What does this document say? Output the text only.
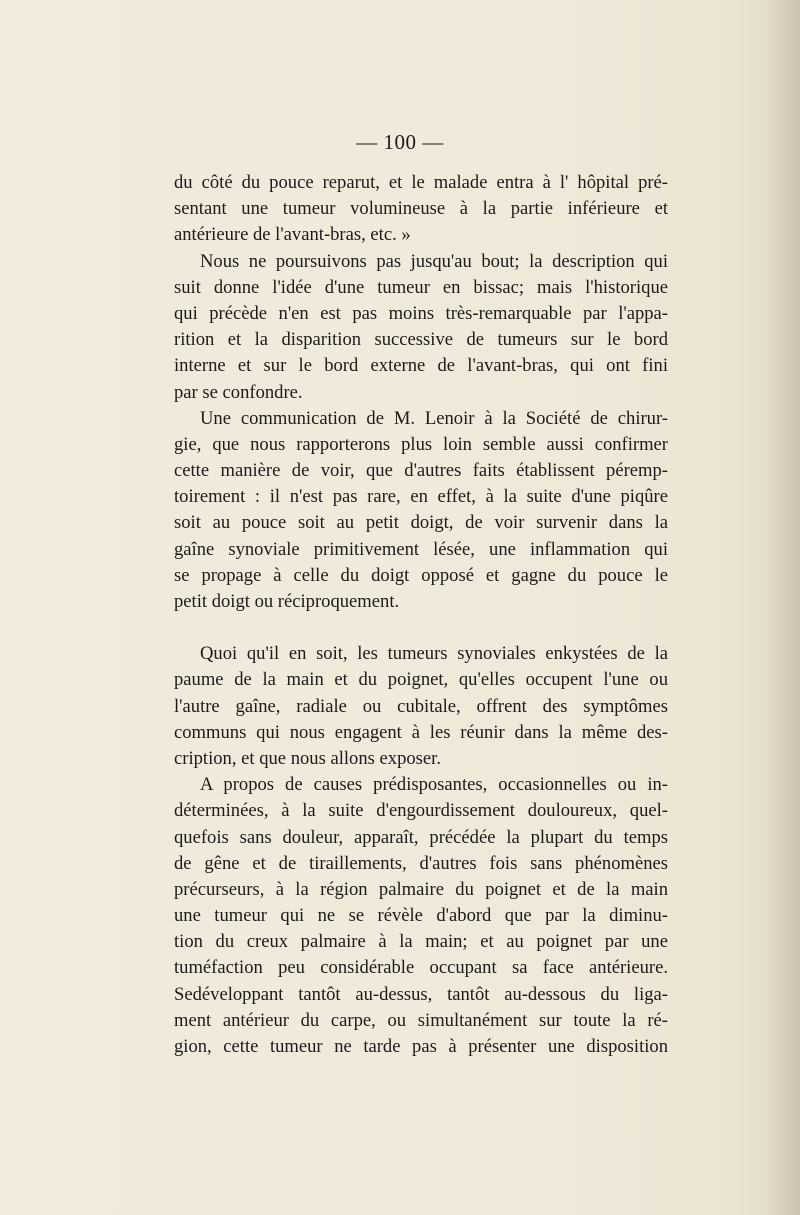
— 100 —
du côté du pouce reparut, et le malade entra à l' hôpital pré-
sentant une tumeur volumineuse à la partie inférieure et
antérieure de l'avant-bras, etc. »
Nous ne poursuivons pas jusqu'au bout; la description qui
suit donne l'idée d'une tumeur en bissac; mais l'historique
qui précède n'en est pas moins très-remarquable par l'appa-
rition et la disparition successive de tumeurs sur le bord
interne et sur le bord externe de l'avant-bras, qui ont fini
par se confondre.
Une communication de M. Lenoir à la Société de chirur-
gie, que nous rapporterons plus loin semble aussi confirmer
cette manière de voir, que d'autres faits établissent péremp-
toirement : il n'est pas rare, en effet, à la suite d'une piqûre
soit au pouce soit au petit doigt, de voir survenir dans la
gaîne synoviale primitivement lésée, une inflammation qui
se propage à celle du doigt opposé et gagne du pouce le
petit doigt ou réciproquement.
Quoi qu'il en soit, les tumeurs synoviales enkystées de la
paume de la main et du poignet, qu'elles occupent l'une ou
l'autre gaîne, radiale ou cubitale, offrent des symptômes
communs qui nous engagent à les réunir dans la même des-
cription, et que nous allons exposer.
A propos de causes prédisposantes, occasionnelles ou in-
déterminées, à la suite d'engourdissement douloureux, quel-
quefois sans douleur, apparaît, précédée la plupart du temps
de gêne et de tiraillements, d'autres fois sans phénomènes
précurseurs, à la région palmaire du poignet et de la main
une tumeur qui ne se révèle d'abord que par la diminu-
tion du creux palmaire à la main; et au poignet par une
tuméfaction peu considérable occupant sa face antérieure.
Sedéveloppant tantôt au-dessus, tantôt au-dessous du liga-
ment antérieur du carpe, ou simultanément sur toute la ré-
gion, cette tumeur ne tarde pas à présenter une disposition
